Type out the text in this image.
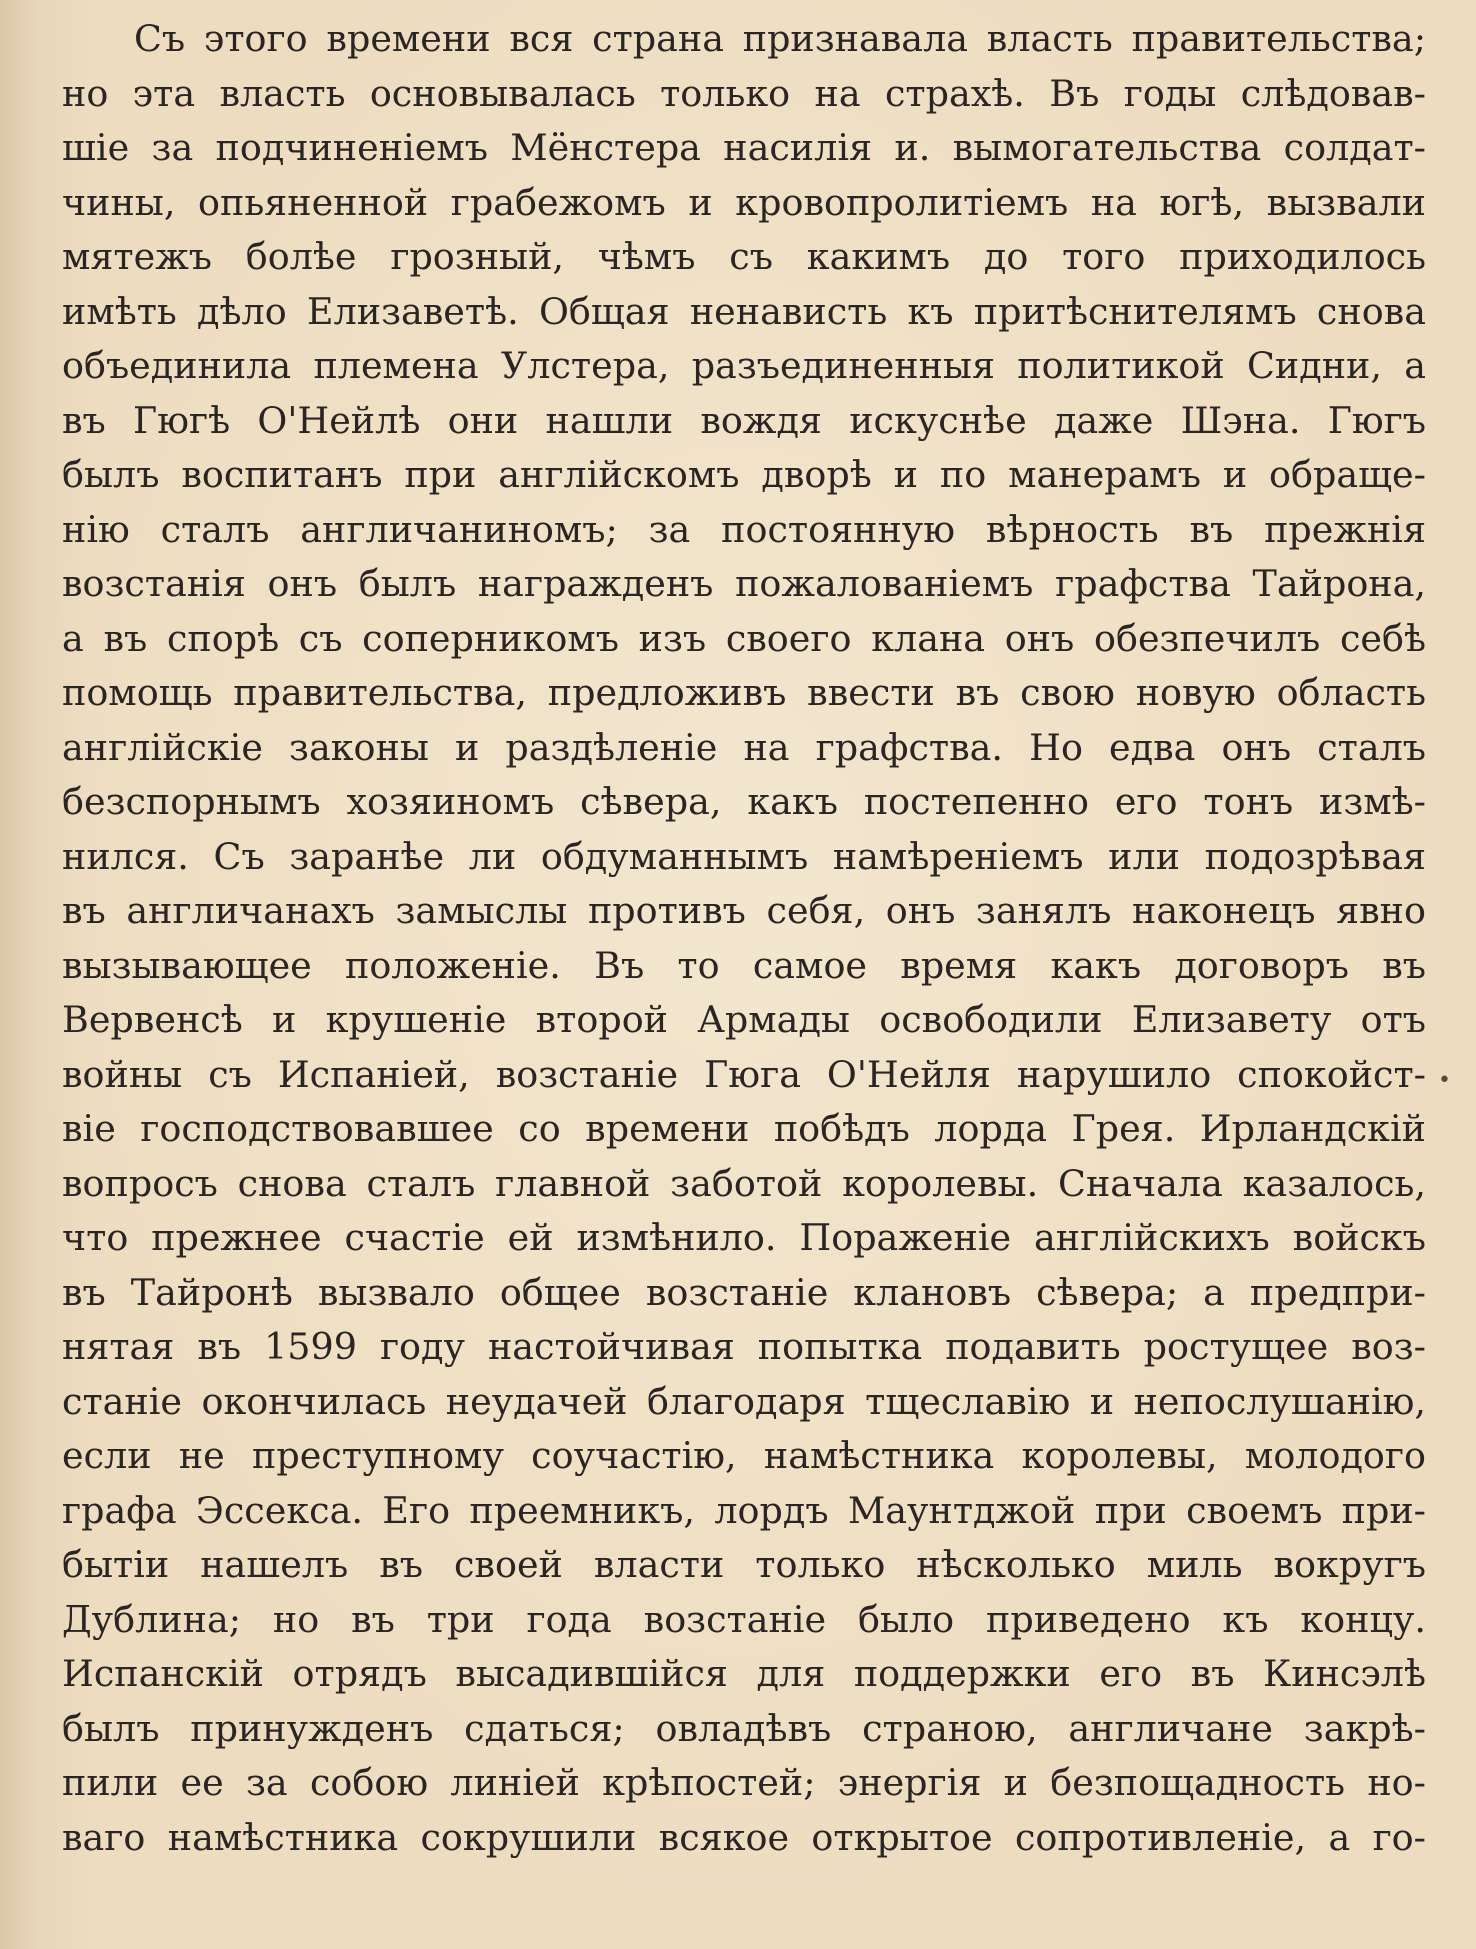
Съ этого времени вся страна признавала власть правительства;
но эта власть основывалась только на страхѣ. Въ годы слѣдовав-
шіе за подчиненіемъ Мёнстера насилія и. вымогательства солдат-
чины, опьяненной грабежомъ и кровопролитіемъ на югѣ, вызвали
мятежъ болѣе грозный, чѣмъ съ какимъ до того приходилось
имѣть дѣло Елизаветѣ. Общая ненависть къ притѣснителямъ снова
объединила племена Улстера, разъединенныя политикой Сидни, а
въ Гюгѣ О'Нейлѣ они нашли вождя искуснѣе даже Шэна. Гюгъ
былъ воспитанъ при англійскомъ дворѣ и по манерамъ и обраще-
нію сталъ англичаниномъ; за постоянную вѣрность въ прежнія
возстанія онъ былъ награжденъ пожалованіемъ графства Тайрона,
а въ спорѣ съ соперникомъ изъ своего клана онъ обезпечилъ себѣ
помощь правительства, предложивъ ввести въ свою новую область
англійскіе законы и раздѣленіе на графства. Но едва онъ сталъ
безспорнымъ хозяиномъ сѣвера, какъ постепенно его тонъ измѣ-
нился. Съ заранѣе ли обдуманнымъ намѣреніемъ или подозрѣвая
въ англичанахъ замыслы противъ себя, онъ занялъ наконецъ явно
вызывающее положеніе. Въ то самое время какъ договоръ въ
Вервенсѣ и крушеніе второй Армады освободили Елизавету отъ
войны съ Испаніей, возстаніе Гюга О'Нейля нарушило спокойст-
віе господствовавшее со времени побѣдъ лорда Грея. Ирландскій
вопросъ снова сталъ главной заботой королевы. Сначала казалось,
что прежнее счастіе ей измѣнило. Пораженіе англійскихъ войскъ
въ Тайронѣ вызвало общее возстаніе клановъ сѣвера; а предпри-
нятая въ 1599 году настойчивая попытка подавить ростущее воз-
станіе окончилась неудачей благодаря тщеславію и непослушанію,
если не преступному соучастію, намѣстника королевы, молодого
графа Эссекса. Его преемникъ, лордъ Маунтджой при своемъ при-
бытіи нашелъ въ своей власти только нѣсколько миль вокругъ
Дублина; но въ три года возстаніе было приведено къ концу.
Испанскій отрядъ высадившійся для поддержки его въ Кинсэлѣ
былъ принужденъ сдаться; овладѣвъ страною, англичане закрѣ-
пили ее за собою линіей крѣпостей; энергія и безпощадность но-
ваго намѣстника сокрушили всякое открытое сопротивленіе, а го-
•
